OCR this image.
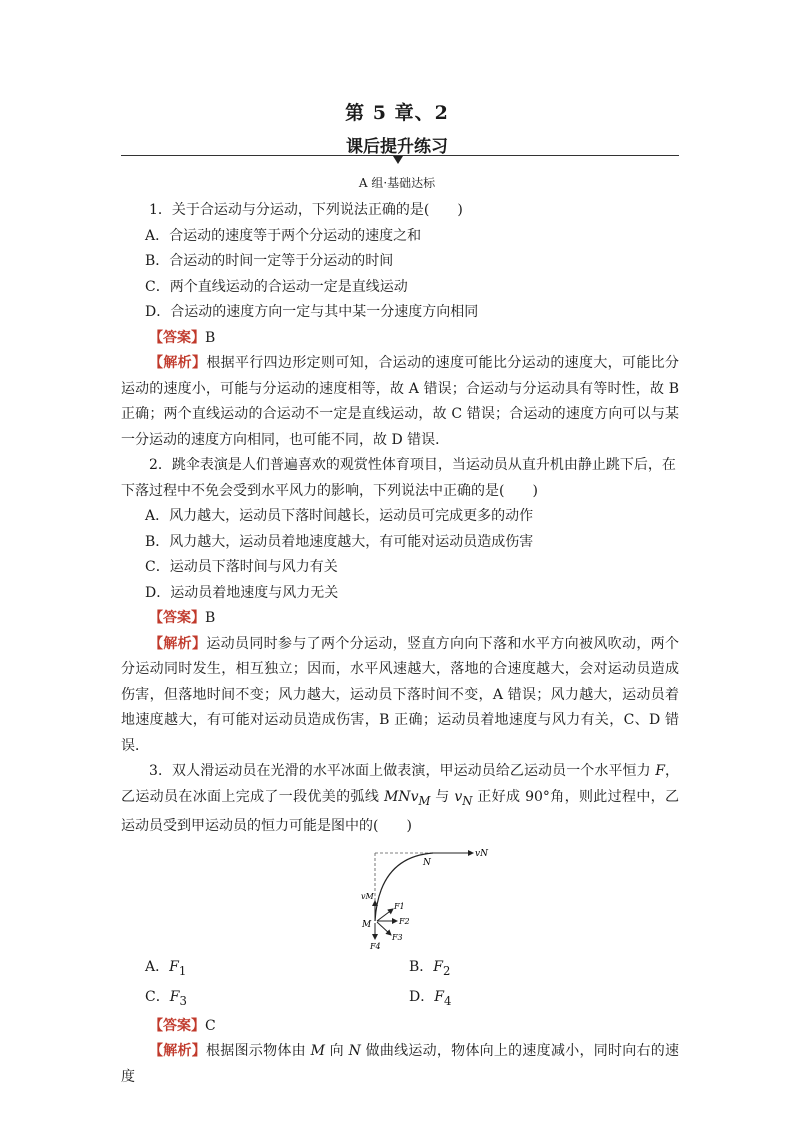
第 5 章、2
课后提升练习
A 组·基础达标

1．关于合运动与分运动，下列说法正确的是(　　)

A．合运动的速度等于两个分运动的速度之和

B．合运动的时间一定等于分运动的时间

C．两个直线运动的合运动一定是直线运动

D．合运动的速度方向一定与其中某一分速度方向相同

【答案】B

【解析】根据平行四边形定则可知，合运动的速度可能比分运动的速度大，可能比分运动的速度小，可能与分运动的速度相等，故 A 错误；合运动与分运动具有等时性，故 B 正确；两个直线运动的合运动不一定是直线运动，故 C 错误；合运动的速度方向可以与某一分运动的速度方向相同，也可能不同，故 D 错误．

2．跳伞表演是人们普遍喜欢的观赏性体育项目，当运动员从直升机由静止跳下后，在下落过程中不免会受到水平风力的影响，下列说法中正确的是(　　)

A．风力越大，运动员下落时间越长，运动员可完成更多的动作

B．风力越大，运动员着地速度越大，有可能对运动员造成伤害

C．运动员下落时间与风力有关

D．运动员着地速度与风力无关

【答案】B

【解析】运动员同时参与了两个分运动，竖直方向向下落和水平方向被风吹动，两个分运动同时发生，相互独立；因而，水平风速越大，落地的合速度越大，会对运动员造成伤害，但落地时间不变；风力越大，运动员下落时间不变，A 错误；风力越大，运动员着地速度越大，有可能对运动员造成伤害，B 正确；运动员着地速度与风力有关，C、D 错误．

3．双人滑运动员在光滑的水平冰面上做表演，甲运动员给乙运动员一个水平恒力 F，乙运动员在冰面上完成了一段优美的弧线 MNv$_M$ 与 $v_N$ 正好成 90°角，则此过程中，乙运动员受到甲运动员的恒力可能是图中的(　　)

vN
N
vM
M
F1
F2
F3
F4
A．$F_1$	B．$F_2$
C．$F_3$	D．$F_4$

【答案】C

【解析】根据图示物体由 M 向 N 做曲线运动，物体向上的速度减小，同时向右的速度
